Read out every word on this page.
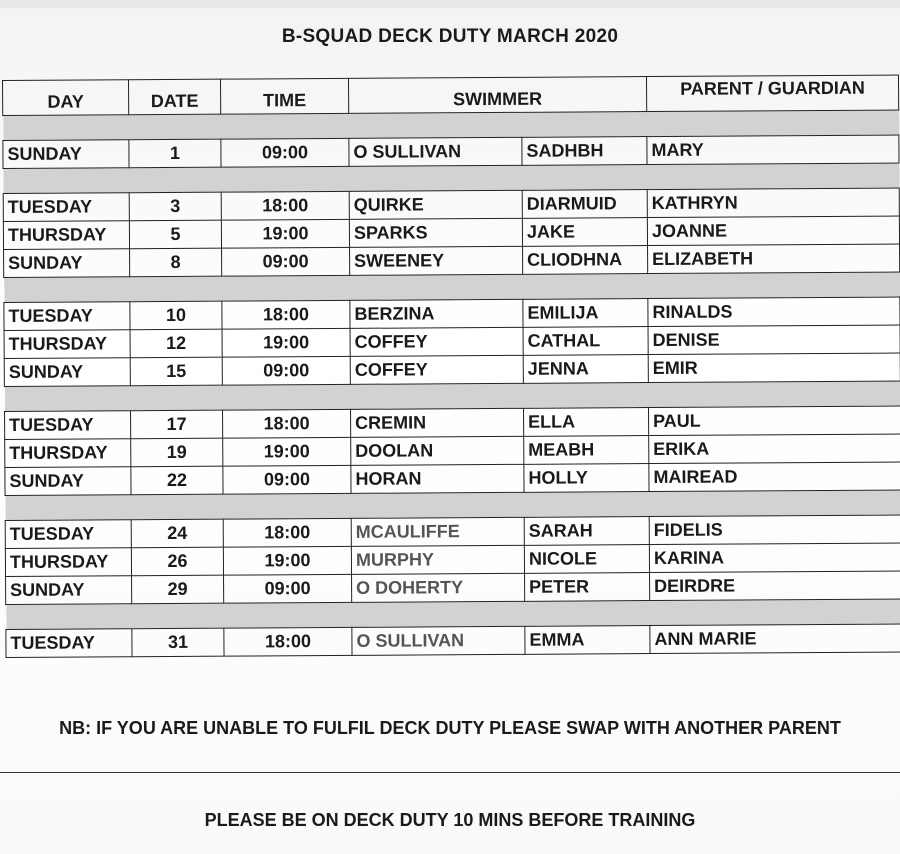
B-SQUAD DECK DUTY MARCH 2020
DAY	DATE	TIME	SWIMMER		PARENT / GUARDIAN

SUNDAY	1	09:00	O SULLIVAN	SADHBH	MARY

TUESDAY	3	18:00	QUIRKE	DIARMUID	KATHRYN
THURSDAY	5	19:00	SPARKS	JAKE	JOANNE
SUNDAY	8	09:00	SWEENEY	CLIODHNA	ELIZABETH

TUESDAY	10	18:00	BERZINA	EMILIJA	RINALDS
THURSDAY	12	19:00	COFFEY	CATHAL	DENISE
SUNDAY	15	09:00	COFFEY	JENNA	EMIR

TUESDAY	17	18:00	CREMIN	ELLA	PAUL
THURSDAY	19	19:00	DOOLAN	MEABH	ERIKA
SUNDAY	22	09:00	HORAN	HOLLY	MAIREAD

TUESDAY	24	18:00	MCAULIFFE	SARAH	FIDELIS
THURSDAY	26	19:00	MURPHY	NICOLE	KARINA
SUNDAY	29	09:00	O DOHERTY	PETER	DEIRDRE

TUESDAY	31	18:00	O SULLIVAN	EMMA	ANN MARIE
NB: IF YOU ARE UNABLE TO FULFIL DECK DUTY PLEASE SWAP WITH ANOTHER PARENT
PLEASE BE ON DECK DUTY 10 MINS BEFORE TRAINING
